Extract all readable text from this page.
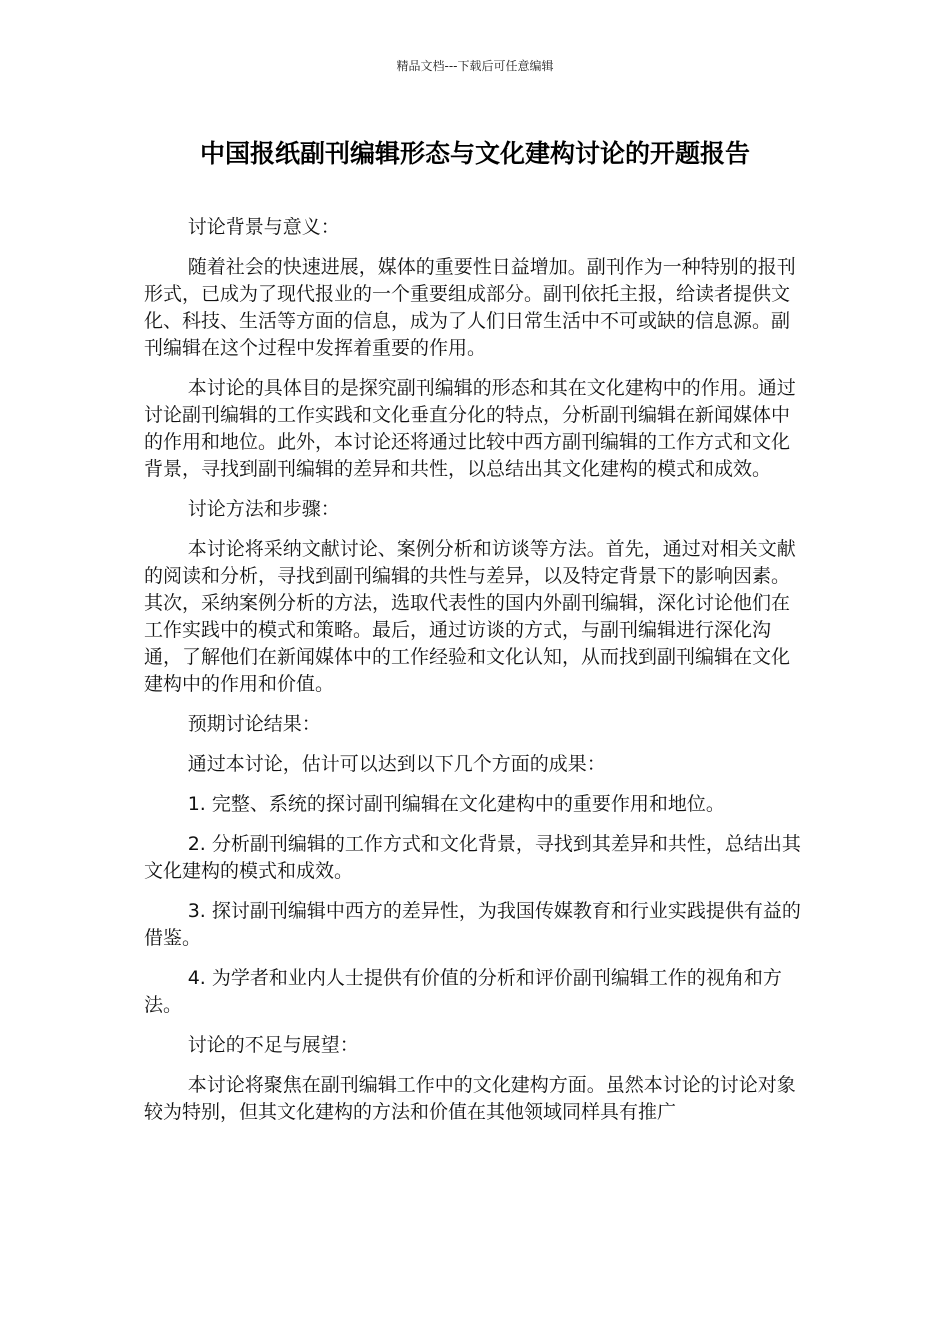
精品文档---下载后可任意编辑
中国报纸副刊编辑形态与文化建构讨论的开题报告

讨论背景与意义：

随着社会的快速进展，媒体的重要性日益增加。副刊作为一种特别的报刊形式，已成为了现代报业的一个重要组成部分。副刊依托主报，给读者提供文化、科技、生活等方面的信息，成为了人们日常生活中不可或缺的信息源。副刊编辑在这个过程中发挥着重要的作用。

本讨论的具体目的是探究副刊编辑的形态和其在文化建构中的作用。通过讨论副刊编辑的工作实践和文化垂直分化的特点，分析副刊编辑在新闻媒体中的作用和地位。此外，本讨论还将通过比较中西方副刊编辑的工作方式和文化背景，寻找到副刊编辑的差异和共性，以总结出其文化建构的模式和成效。

讨论方法和步骤：

本讨论将采纳文献讨论、案例分析和访谈等方法。首先，通过对相关文献的阅读和分析，寻找到副刊编辑的共性与差异，以及特定背景下的影响因素。其次，采纳案例分析的方法，选取代表性的国内外副刊编辑，深化讨论他们在工作实践中的模式和策略。最后，通过访谈的方式，与副刊编辑进行深化沟通，了解他们在新闻媒体中的工作经验和文化认知，从而找到副刊编辑在文化建构中的作用和价值。

预期讨论结果：

通过本讨论，估计可以达到以下几个方面的成果：

1. 完整、系统的探讨副刊编辑在文化建构中的重要作用和地位。

2. 分析副刊编辑的工作方式和文化背景，寻找到其差异和共性，总结出其文化建构的模式和成效。

3. 探讨副刊编辑中西方的差异性，为我国传媒教育和行业实践提供有益的借鉴。

4. 为学者和业内人士提供有价值的分析和评价副刊编辑工作的视角和方法。

讨论的不足与展望：

本讨论将聚焦在副刊编辑工作中的文化建构方面。虽然本讨论的讨论对象较为特别，但其文化建构的方法和价值在其他领域同样具有推广
